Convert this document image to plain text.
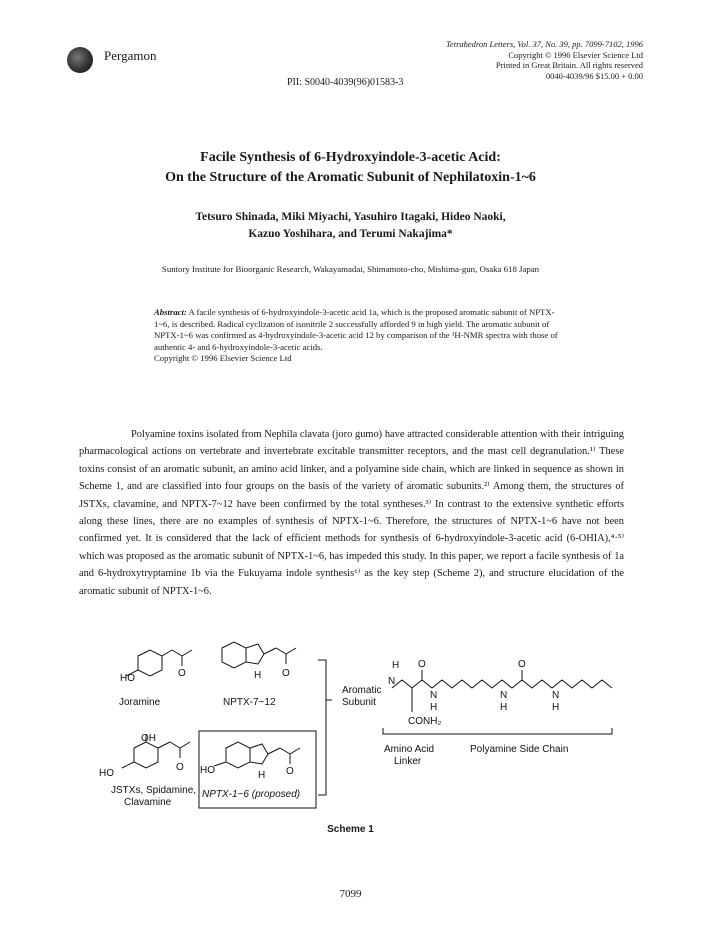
Pergamon
Tetrahedron Letters, Vol. 37, No. 39, pp. 7099-7102, 1996
Copyright © 1996 Elsevier Science Ltd
Printed in Great Britain. All rights reserved
0040-4039/96 $15.00 + 0.00
PII: S0040-4039(96)01583-3
Facile Synthesis of 6-Hydroxyindole-3-acetic Acid:
On the Structure of the Aromatic Subunit of Nephilatoxin-1~6
Tetsuro Shinada, Miki Miyachi, Yasuhiro Itagaki, Hideo Naoki,
Kazuo Yoshihara, and Terumi Nakajima*
Suntory Institute for Bioorganic Research, Wakayamadai, Shimamoto-cho, Mishima-gun, Osaka 618 Japan
Abstract: A facile synthesis of 6-hydroxyindole-3-acetic acid 1a, which is the proposed aromatic subunit of NPTX-1~6, is described. Radical cyclization of isonitrile 2 successfully afforded 9 in high yield. The aromatic subunit of NPTX-1~6 was confirmed as 4-hydroxyindole-3-acetic acid 12 by comparison of the ¹H-NMR spectra with those of authentic 4- and 6-hydroxyindole-3-acetic acids.
Copyright © 1996 Elsevier Science Ltd

Polyamine toxins isolated from Nephila clavata (joro gumo) have attracted considerable attention with their intriguing pharmacological actions on vertebrate and invertebrate excitable transmitter receptors, and the mast cell degranulation.¹⁾ These toxins consist of an aromatic subunit, an amino acid linker, and a polyamine side chain, which are linked in sequence as shown in Scheme 1, and are classified into four groups on the basis of the variety of aromatic subunits.²⁾ Among them, the structures of JSTXs, clavamine, and NPTX-7~12 have been confirmed by the total syntheses.³⁾ In contrast to the extensive synthetic efforts along these lines, there are no examples of synthesis of NPTX-1~6. Therefore, the structures of NPTX-1~6 have not been confirmed yet. It is considered that the lack of efficient methods for synthesis of 6-hydroxyindole-3-acetic acid (6-OHIA),⁴·⁵⁾ which was proposed as the aromatic subunit of NPTX-1~6, has impeded this study. In this paper, we report a facile synthesis of 1a and 6-hydroxytryptamine 1b via the Fukuyama indole synthesis⁶⁾ as the key step (Scheme 2), and structure elucidation of the aromatic subunit of NPTX-1~6.

HO	O
Joramine
O
H
NPTX-7~12
OH
HO
O
JSTXs, Spidamine,
Clavamine
HO	O
H
NPTX-1~6 (proposed)
Aromatic
Subunit
H
N
O
N
H
O
N
H
N
H
CONH₂
Amino Acid
Linker
Polyamine Side Chain
Scheme 1
7099
